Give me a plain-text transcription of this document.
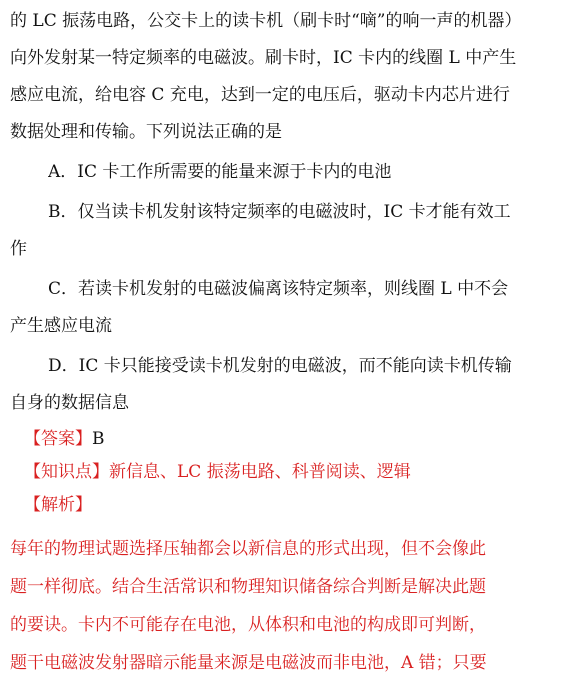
的 LC 振荡电路，公交卡上的读卡机（刷卡时“嘀”的响一声的机器）
向外发射某一特定频率的电磁波。刷卡时，IC 卡内的线圈 L 中产生
感应电流，给电容 C 充电，达到一定的电压后，驱动卡内芯片进行
数据处理和传输。下列说法正确的是
A．IC 卡工作所需要的能量来源于卡内的电池
B．仅当读卡机发射该特定频率的电磁波时，IC 卡才能有效工
作
C．若读卡机发射的电磁波偏离该特定频率，则线圈 L 中不会
产生感应电流
D．IC 卡只能接受读卡机发射的电磁波，而不能向读卡机传输
自身的数据信息
【答案】B
【知识点】新信息、LC 振荡电路、科普阅读、逻辑
【解析】
每年的物理试题选择压轴都会以新信息的形式出现，但不会像此
题一样彻底。结合生活常识和物理知识储备综合判断是解决此题
的要诀。卡内不可能存在电池，从体积和电池的构成即可判断，
题干电磁波发射器暗示能量来源是电磁波而非电池，A 错；只要
